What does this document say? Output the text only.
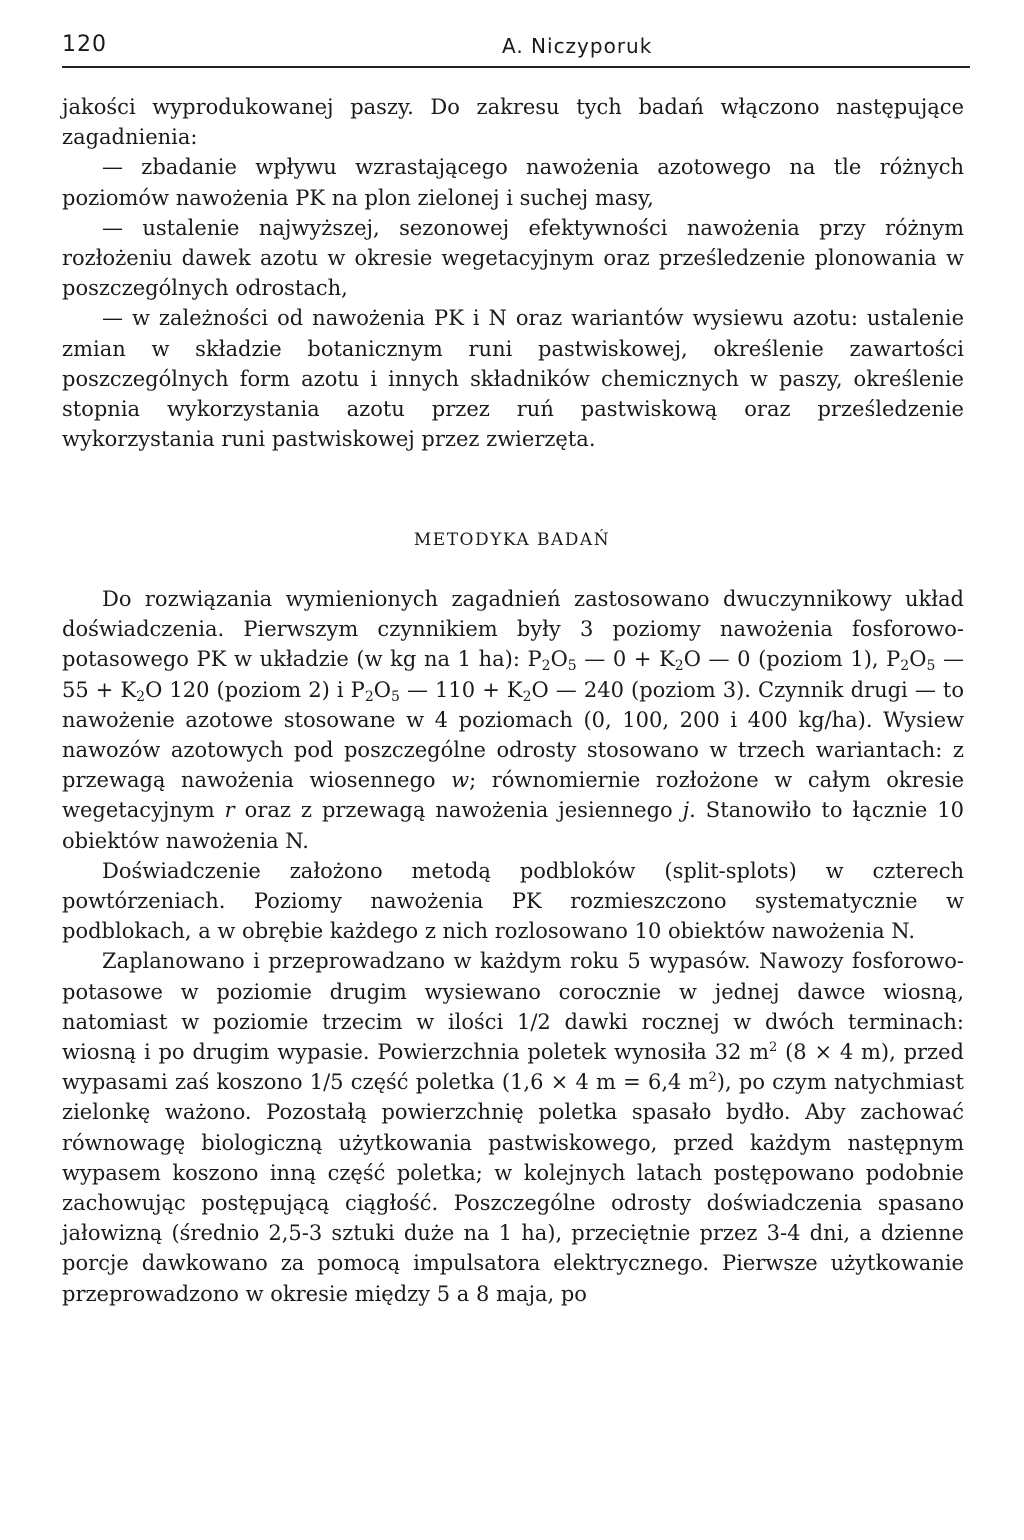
120	A. Niczyporuk

jakości wyprodukowanej paszy. Do zakresu tych badań włączono następujące zagadnienia:

— zbadanie wpływu wzrastającego nawożenia azotowego na tle różnych poziomów nawożenia PK na plon zielonej i suchej masy,

— ustalenie najwyższej, sezonowej efektywności nawożenia przy różnym rozłożeniu dawek azotu w okresie wegetacyjnym oraz prześledzenie plonowania w poszczególnych odrostach,

— w zależności od nawożenia PK i N oraz wariantów wysiewu azotu: ustalenie zmian w składzie botanicznym runi pastwiskowej, określenie zawartości poszczególnych form azotu i innych składników chemicznych w paszy, określenie stopnia wykorzystania azotu przez ruń pastwiskową oraz prześledzenie wykorzystania runi pastwiskowej przez zwierzęta.

METODYKA BADAŃ

Do rozwiązania wymienionych zagadnień zastosowano dwuczynnikowy układ doświadczenia. Pierwszym czynnikiem były 3 poziomy nawożenia fosforowo-potasowego PK w układzie (w kg na 1 ha): $P_2O_5$ — $0 + K_2O$ — 0 (poziom 1), $P_2O_5$ — $55 + K_2O$ 120 (poziom 2) i $P_2O_5$ — $110 + K_2O$ — 240 (poziom 3). Czynnik drugi — to nawożenie azotowe stosowane w 4 poziomach (0, 100, 200 i 400 kg/ha). Wysiew nawozów azotowych pod poszczególne odrosty stosowano w trzech wariantach: z przewagą nawożenia wiosennego w; równomiernie rozłożone w całym okresie wegetacyjnym r oraz z przewagą nawożenia jesiennego j. Stanowiło to łącznie 10 obiektów nawożenia N.

Doświadczenie założono metodą podbloków (split-splots) w czterech powtórzeniach. Poziomy nawożenia PK rozmieszczono systematycznie w podblokach, a w obrębie każdego z nich rozlosowano 10 obiektów nawożenia N.

Zaplanowano i przeprowadzano w każdym roku 5 wypasów. Nawozy fosforowo-potasowe w poziomie drugim wysiewano corocznie w jednej dawce wiosną, natomiast w poziomie trzecim w ilości 1/2 dawki rocznej w dwóch terminach: wiosną i po drugim wypasie. Powierzchnia poletek wynosiła 32 $m^2$ (8 × 4 m), przed wypasami zaś koszono 1/5 część poletka (1,6 × 4 m = 6,4 $m^2$), po czym natychmiast zielonkę ważono. Pozostałą powierzchnię poletka spasało bydło. Aby zachować równowagę biologiczną użytkowania pastwiskowego, przed każdym następnym wypasem koszono inną część poletka; w kolejnych latach postępowano podobnie zachowując postępującą ciągłość. Poszczególne odrosty doświadczenia spasano jałowizną (średnio 2,5-3 sztuki duże na 1 ha), przeciętnie przez 3-4 dni, a dzienne porcje dawkowano za pomocą impulsatora elektrycznego. Pierwsze użytkowanie przeprowadzono w okresie między 5 a 8 maja, po
